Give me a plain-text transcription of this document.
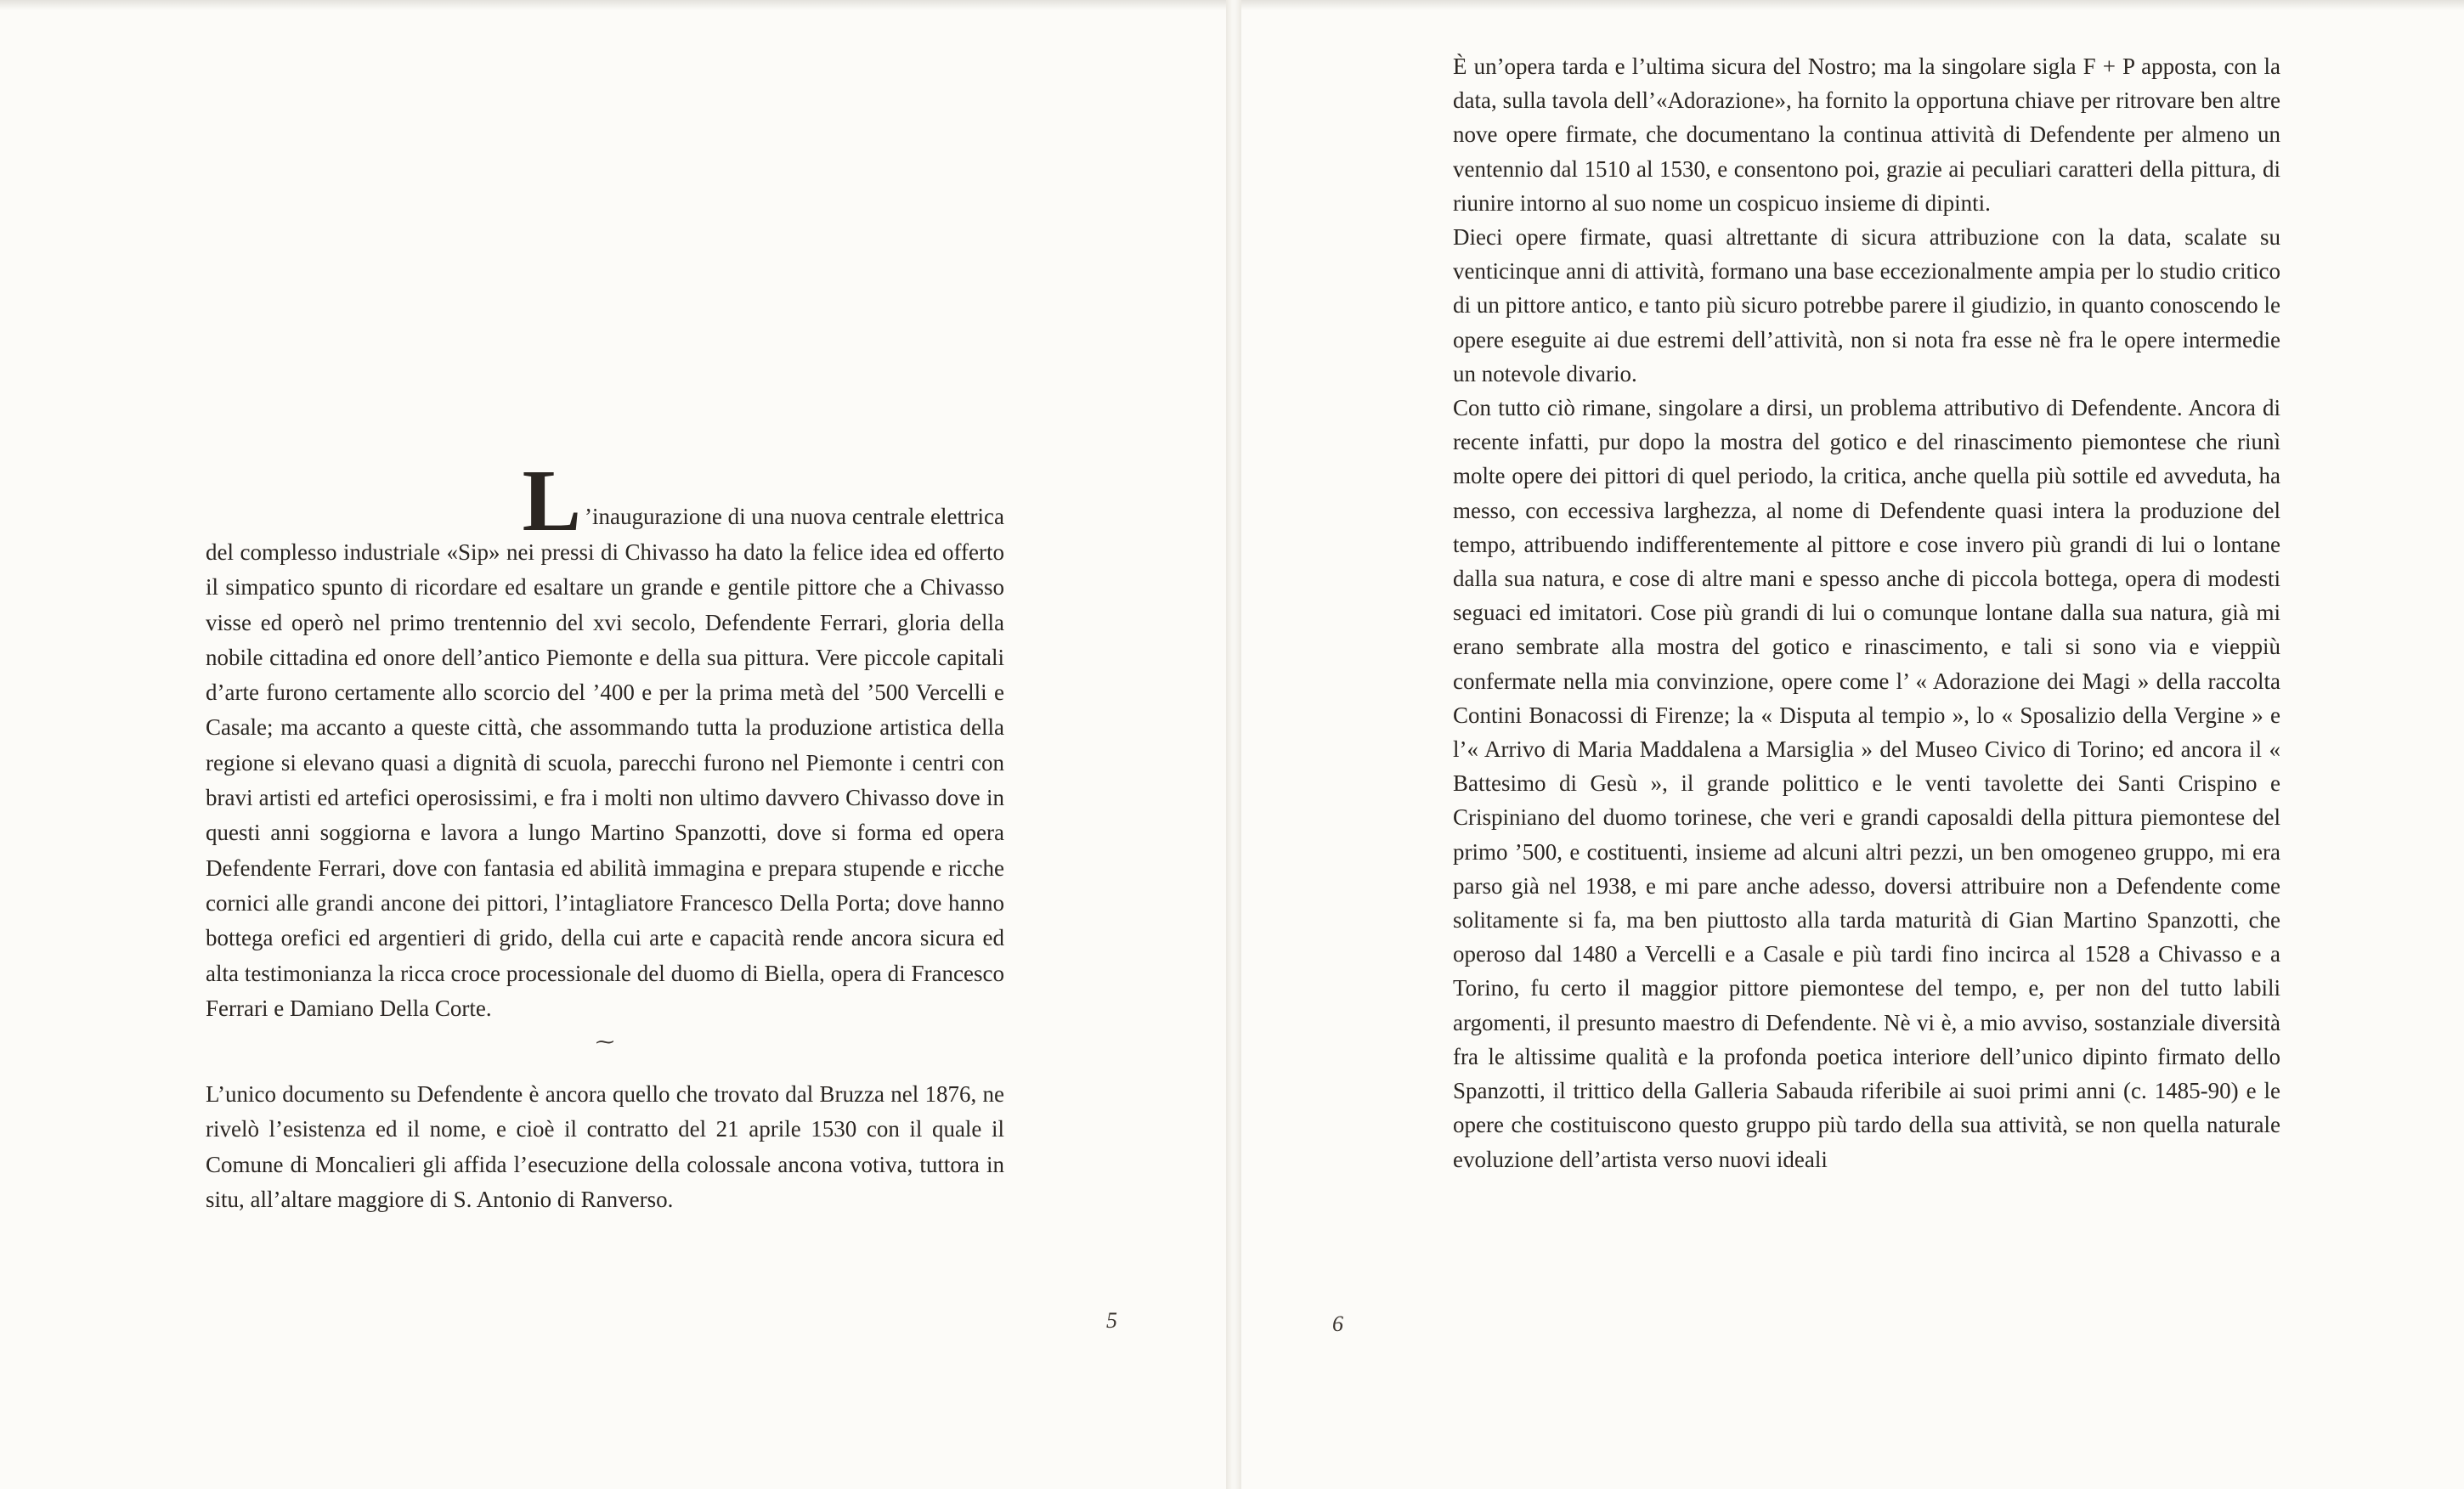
L ’inaugurazione di una nuova centrale elettrica

del complesso industriale «Sip» nei pressi di Chivasso ha dato la felice idea ed offerto il simpatico spunto di ricordare ed esaltare un grande e gentile pittore che a Chivasso visse ed operò nel primo trentennio del xvi secolo, Defendente Ferrari, gloria della nobile cittadina ed onore dell’antico Piemonte e della sua pittura. Vere piccole capitali d’arte furono certamente allo scorcio del ’400 e per la prima metà del ’500 Vercelli e Casale; ma accanto a queste città, che assommando tutta la produzione artistica della regione si elevano quasi a dignità di scuola, parecchi furono nel Piemonte i centri con bravi artisti ed artefici operosissimi, e fra i molti non ultimo davvero Chivasso dove in questi anni soggiorna e lavora a lungo Martino Spanzotti, dove si forma ed opera Defendente Ferrari, dove con fantasia ed abilità immagina e prepara stupende e ricche cornici alle grandi ancone dei pittori, l’intagliatore Francesco Della Porta; dove hanno bottega orefici ed argentieri di grido, della cui arte e capacità rende ancora sicura ed alta testimonianza la ricca croce processionale del duomo di Biella, opera di Francesco Ferrari e Damiano Della Corte.

⁓

L’unico documento su Defendente è ancora quello che trovato dal Bruzza nel 1876, ne rivelò l’esistenza ed il nome, e cioè il contratto del 21 aprile 1530 con il quale il Comune di Moncalieri gli affida l’esecuzione della colossale ancona votiva, tuttora in situ, all’altare maggiore di S. Antonio di Ranverso.

5

È un’opera tarda e l’ultima sicura del Nostro; ma la singolare sigla F + P apposta, con la data, sulla tavola dell’«Adorazione», ha fornito la opportuna chiave per ritrovare ben altre nove opere firmate, che documentano la continua attività di Defendente per almeno un ventennio dal 1510 al 1530, e consentono poi, grazie ai peculiari caratteri della pittura, di riunire intorno al suo nome un cospicuo insieme di dipinti.

Dieci opere firmate, quasi altrettante di sicura attribuzione con la data, scalate su venticinque anni di attività, formano una base eccezionalmente ampia per lo studio critico di un pittore antico, e tanto più sicuro potrebbe parere il giudizio, in quanto conoscendo le opere eseguite ai due estremi dell’attività, non si nota fra esse nè fra le opere intermedie un notevole divario.

Con tutto ciò rimane, singolare a dirsi, un problema attributivo di Defendente. Ancora di recente infatti, pur dopo la mostra del gotico e del rinascimento piemontese che riunì molte opere dei pittori di quel periodo, la critica, anche quella più sottile ed avveduta, ha messo, con eccessiva larghezza, al nome di Defendente quasi intera la produzione del tempo, attribuendo indifferentemente al pittore e cose invero più grandi di lui o lontane dalla sua natura, e cose di altre mani e spesso anche di piccola bottega, opera di modesti seguaci ed imitatori. Cose più grandi di lui o comunque lontane dalla sua natura, già mi erano sembrate alla mostra del gotico e rinascimento, e tali si sono via e vieppiù confermate nella mia convinzione, opere come l’ « Adorazione dei Magi » della raccolta Contini Bonacossi di Firenze; la « Disputa al tempio », lo « Sposalizio della Vergine » e l’« Arrivo di Maria Maddalena a Marsiglia » del Museo Civico di Torino; ed ancora il « Battesimo di Gesù », il grande polittico e le venti tavolette dei Santi Crispino e Crispiniano del duomo torinese, che veri e grandi caposaldi della pittura piemontese del primo ’500, e costituenti, insieme ad alcuni altri pezzi, un ben omogeneo gruppo, mi era parso già nel 1938, e mi pare anche adesso, doversi attribuire non a Defendente come solitamente si fa, ma ben piuttosto alla tarda maturità di Gian Martino Spanzotti, che operoso dal 1480 a Vercelli e a Casale e più tardi fino incirca al 1528 a Chivasso e a Torino, fu certo il maggior pittore piemontese del tempo, e, per non del tutto labili argomenti, il presunto maestro di Defendente. Nè vi è, a mio avviso, sostanziale diversità fra le altissime qualità e la profonda poetica interiore dell’unico dipinto firmato dello Spanzotti, il trittico della Galleria Sabauda riferibile ai suoi primi anni (c. 1485-90) e le opere che costituiscono questo gruppo più tardo della sua attività, se non quella naturale evoluzione dell’artista verso nuovi ideali

6
